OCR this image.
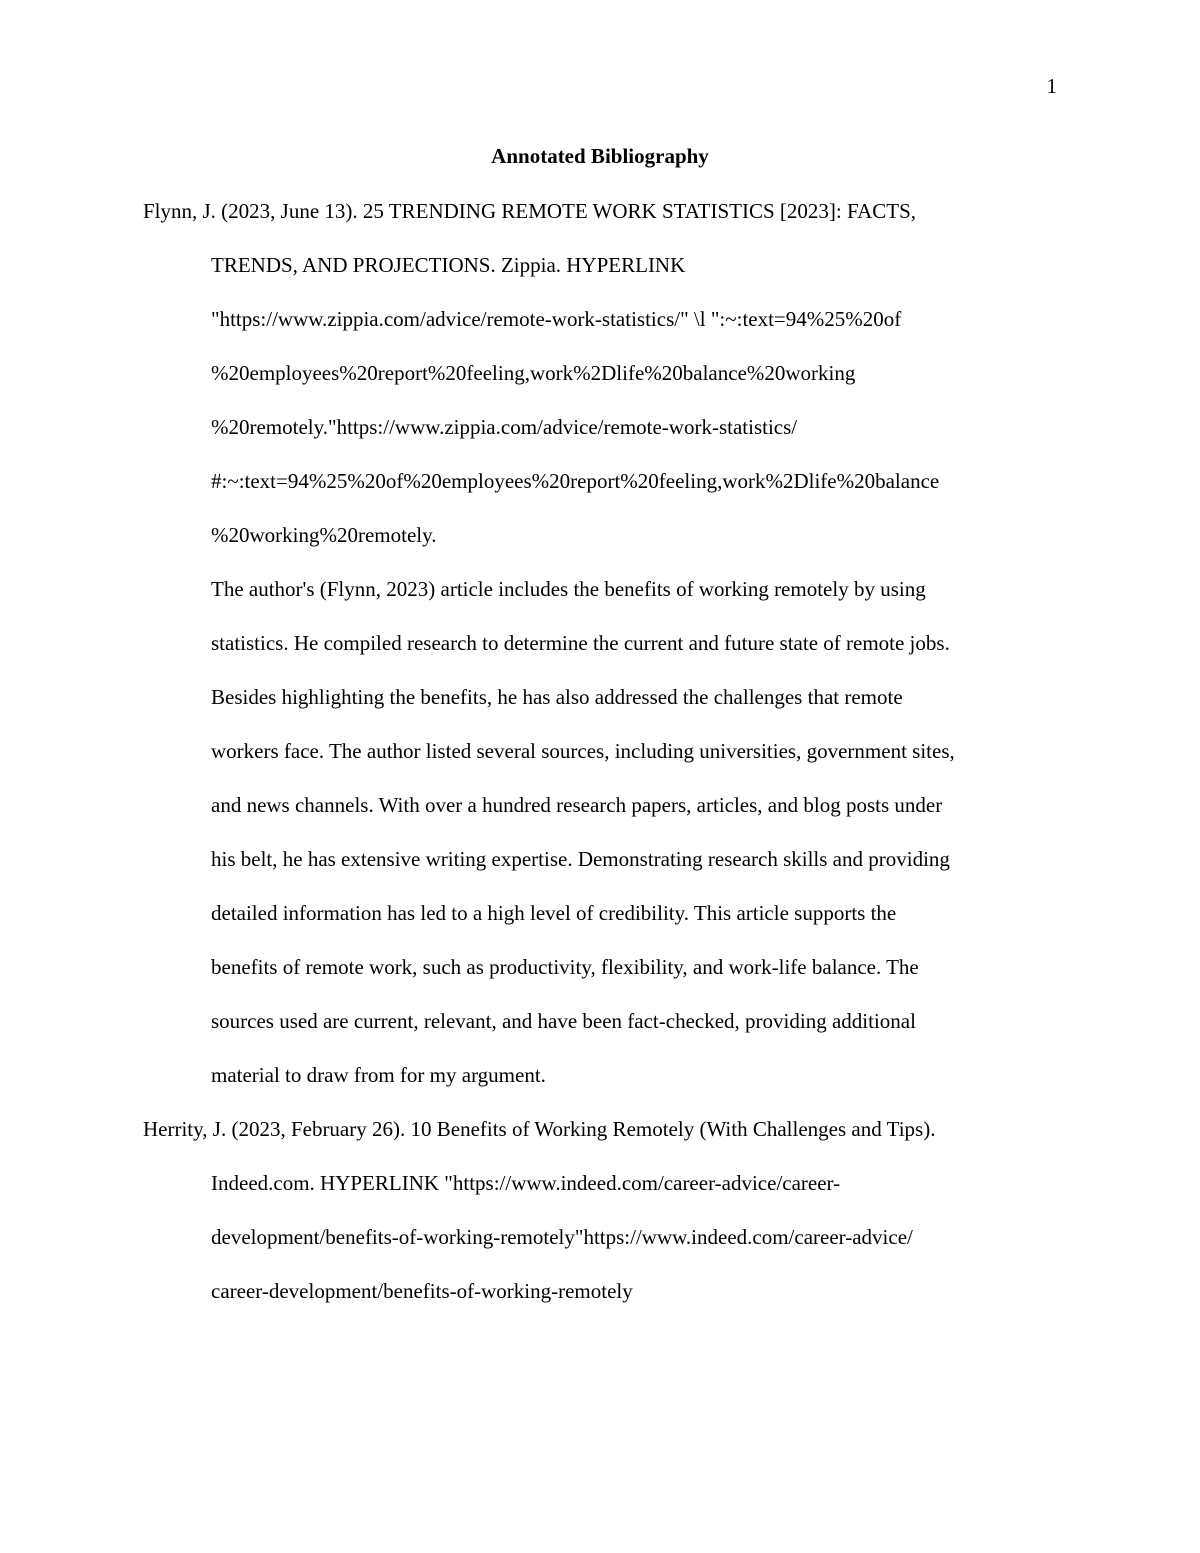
1
Annotated Bibliography
Flynn, J. (2023, June 13). 25 TRENDING REMOTE WORK STATISTICS [2023]: FACTS,
TRENDS, AND PROJECTIONS. Zippia. HYPERLINK
"https://www.zippia.com/advice/remote-work-statistics/" \l ":~:text=94%25%20of
%20employees%20report%20feeling,work%2Dlife%20balance%20working
%20remotely."https://www.zippia.com/advice/remote-work-statistics/
#:~:text=94%25%20of%20employees%20report%20feeling,work%2Dlife%20balance
%20working%20remotely.
The author's (Flynn, 2023) article includes the benefits of working remotely by using
statistics. He compiled research to determine the current and future state of remote jobs.
Besides highlighting the benefits, he has also addressed the challenges that remote
workers face. The author listed several sources, including universities, government sites,
and news channels. With over a hundred research papers, articles, and blog posts under
his belt, he has extensive writing expertise. Demonstrating research skills and providing
detailed information has led to a high level of credibility. This article supports the
benefits of remote work, such as productivity, flexibility, and work-life balance. The
sources used are current, relevant, and have been fact-checked, providing additional
material to draw from for my argument.
Herrity, J. (2023, February 26). 10 Benefits of Working Remotely (With Challenges and Tips).
Indeed.com. HYPERLINK "https://www.indeed.com/career-advice/career-
development/benefits-of-working-remotely"https://www.indeed.com/career-advice/
career-development/benefits-of-working-remotely
